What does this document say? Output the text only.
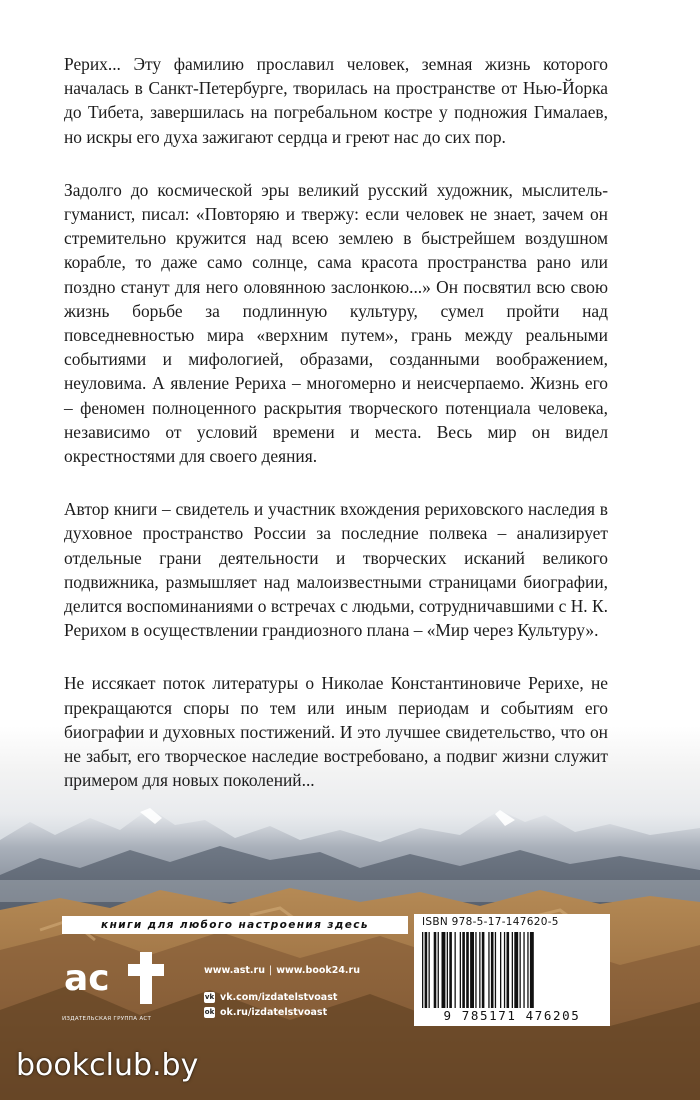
Рерих... Эту фамилию прославил человек, земная жизнь которого началась в Санкт-Петербурге, творилась на пространстве от Нью-Йорка до Тибета, завершилась на погребальном костре у подножия Гималаев, но искры его духа зажигают сердца и греют нас до сих пор.

Задолго до космической эры великий русский художник, мыслитель-гуманист, писал: «Повторяю и твержу: если человек не знает, зачем он стремительно кружится над всею землею в быстрейшем воздушном корабле, то даже само солнце, сама красота пространства рано или поздно станут для него оловянною заслонкою...» Он посвятил всю свою жизнь борьбе за подлинную культуру, сумел пройти над повседневностью мира «верхним путем», грань между реальными событиями и мифологией, образами, созданными воображением, неуловима. А явление Рериха – многомерно и неисчерпаемо. Жизнь его – феномен полноценного раскрытия творческого потенциала человека, независимо от условий времени и места. Весь мир он видел окрестностями для своего деяния.

Автор книги – свидетель и участник вхождения рериховского наследия в духовное пространство России за последние полвека – анализирует отдельные грани деятельности и творческих исканий великого подвижника, размышляет над малоизвестными страницами биографии, делится воспоминаниями о встречах с людьми, сотрудничавшими с Н. К. Рерихом в осуществлении грандиозного плана – «Мир через Культуру».

Не иссякает поток литературы о Николае Константиновиче Рерихе, не прекращаются споры по тем или иным периодам и событиям его биографии и духовных постижений. И это лучшее свидетельство, что он не забыт, его творческое наследие востребовано, а подвиг жизни служит примером для новых поколений...

книги для любого настроения здесь
ас
ИЗДАТЕЛЬСКАЯ ГРУППА АСТ
www.ast.ru | www.book24.ru
vk vk.com/izdatelstvoast
ok ok.ru/izdatelstvoast
ISBN 978-5-17-147620-5
9 785171 476205
bookclub.by
